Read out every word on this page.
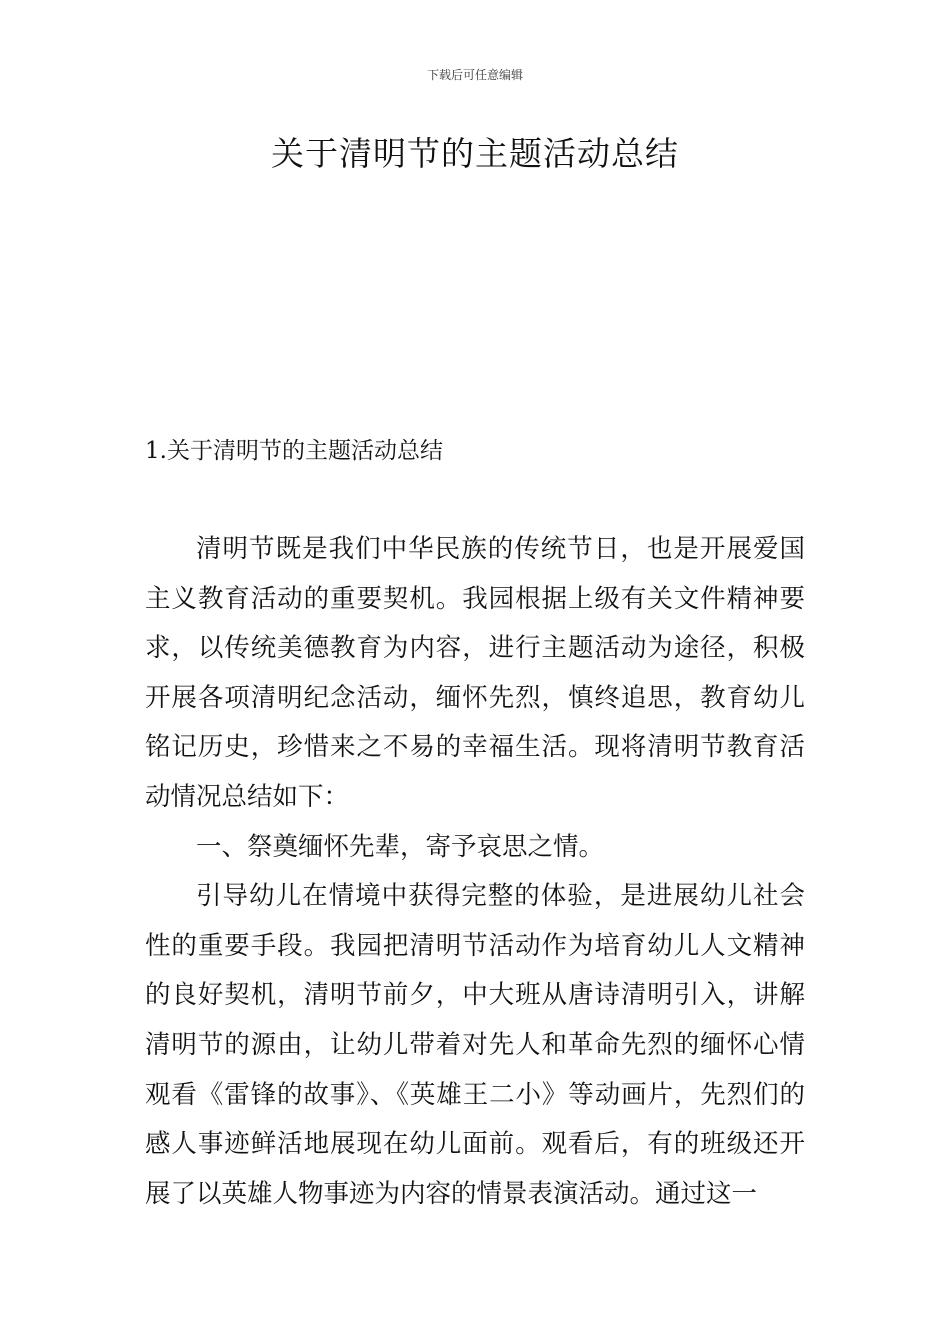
下载后可任意编辑
关于清明节的主题活动总结
1.关于清明节的主题活动总结

清明节既是我们中华民族的传统节日，也是开展爱国主义教育活动的重要契机。我园根据上级有关文件精神要求，以传统美德教育为内容，进行主题活动为途径，积极开展各项清明纪念活动，缅怀先烈，慎终追思，教育幼儿铭记历史，珍惜来之不易的幸福生活。现将清明节教育活动情况总结如下：

一、祭奠缅怀先辈，寄予哀思之情。

引导幼儿在情境中获得完整的体验，是进展幼儿社会性的重要手段。我园把清明节活动作为培育幼儿人文精神的良好契机，清明节前夕，中大班从唐诗清明引入，讲解清明节的源由，让幼儿带着对先人和革命先烈的缅怀心情观看《雷锋的故事》、《英雄王二小》等动画片，先烈们的感人事迹鲜活地展现在幼儿面前。观看后，有的班级还开展了以英雄人物事迹为内容的情景表演活动。通过这一
